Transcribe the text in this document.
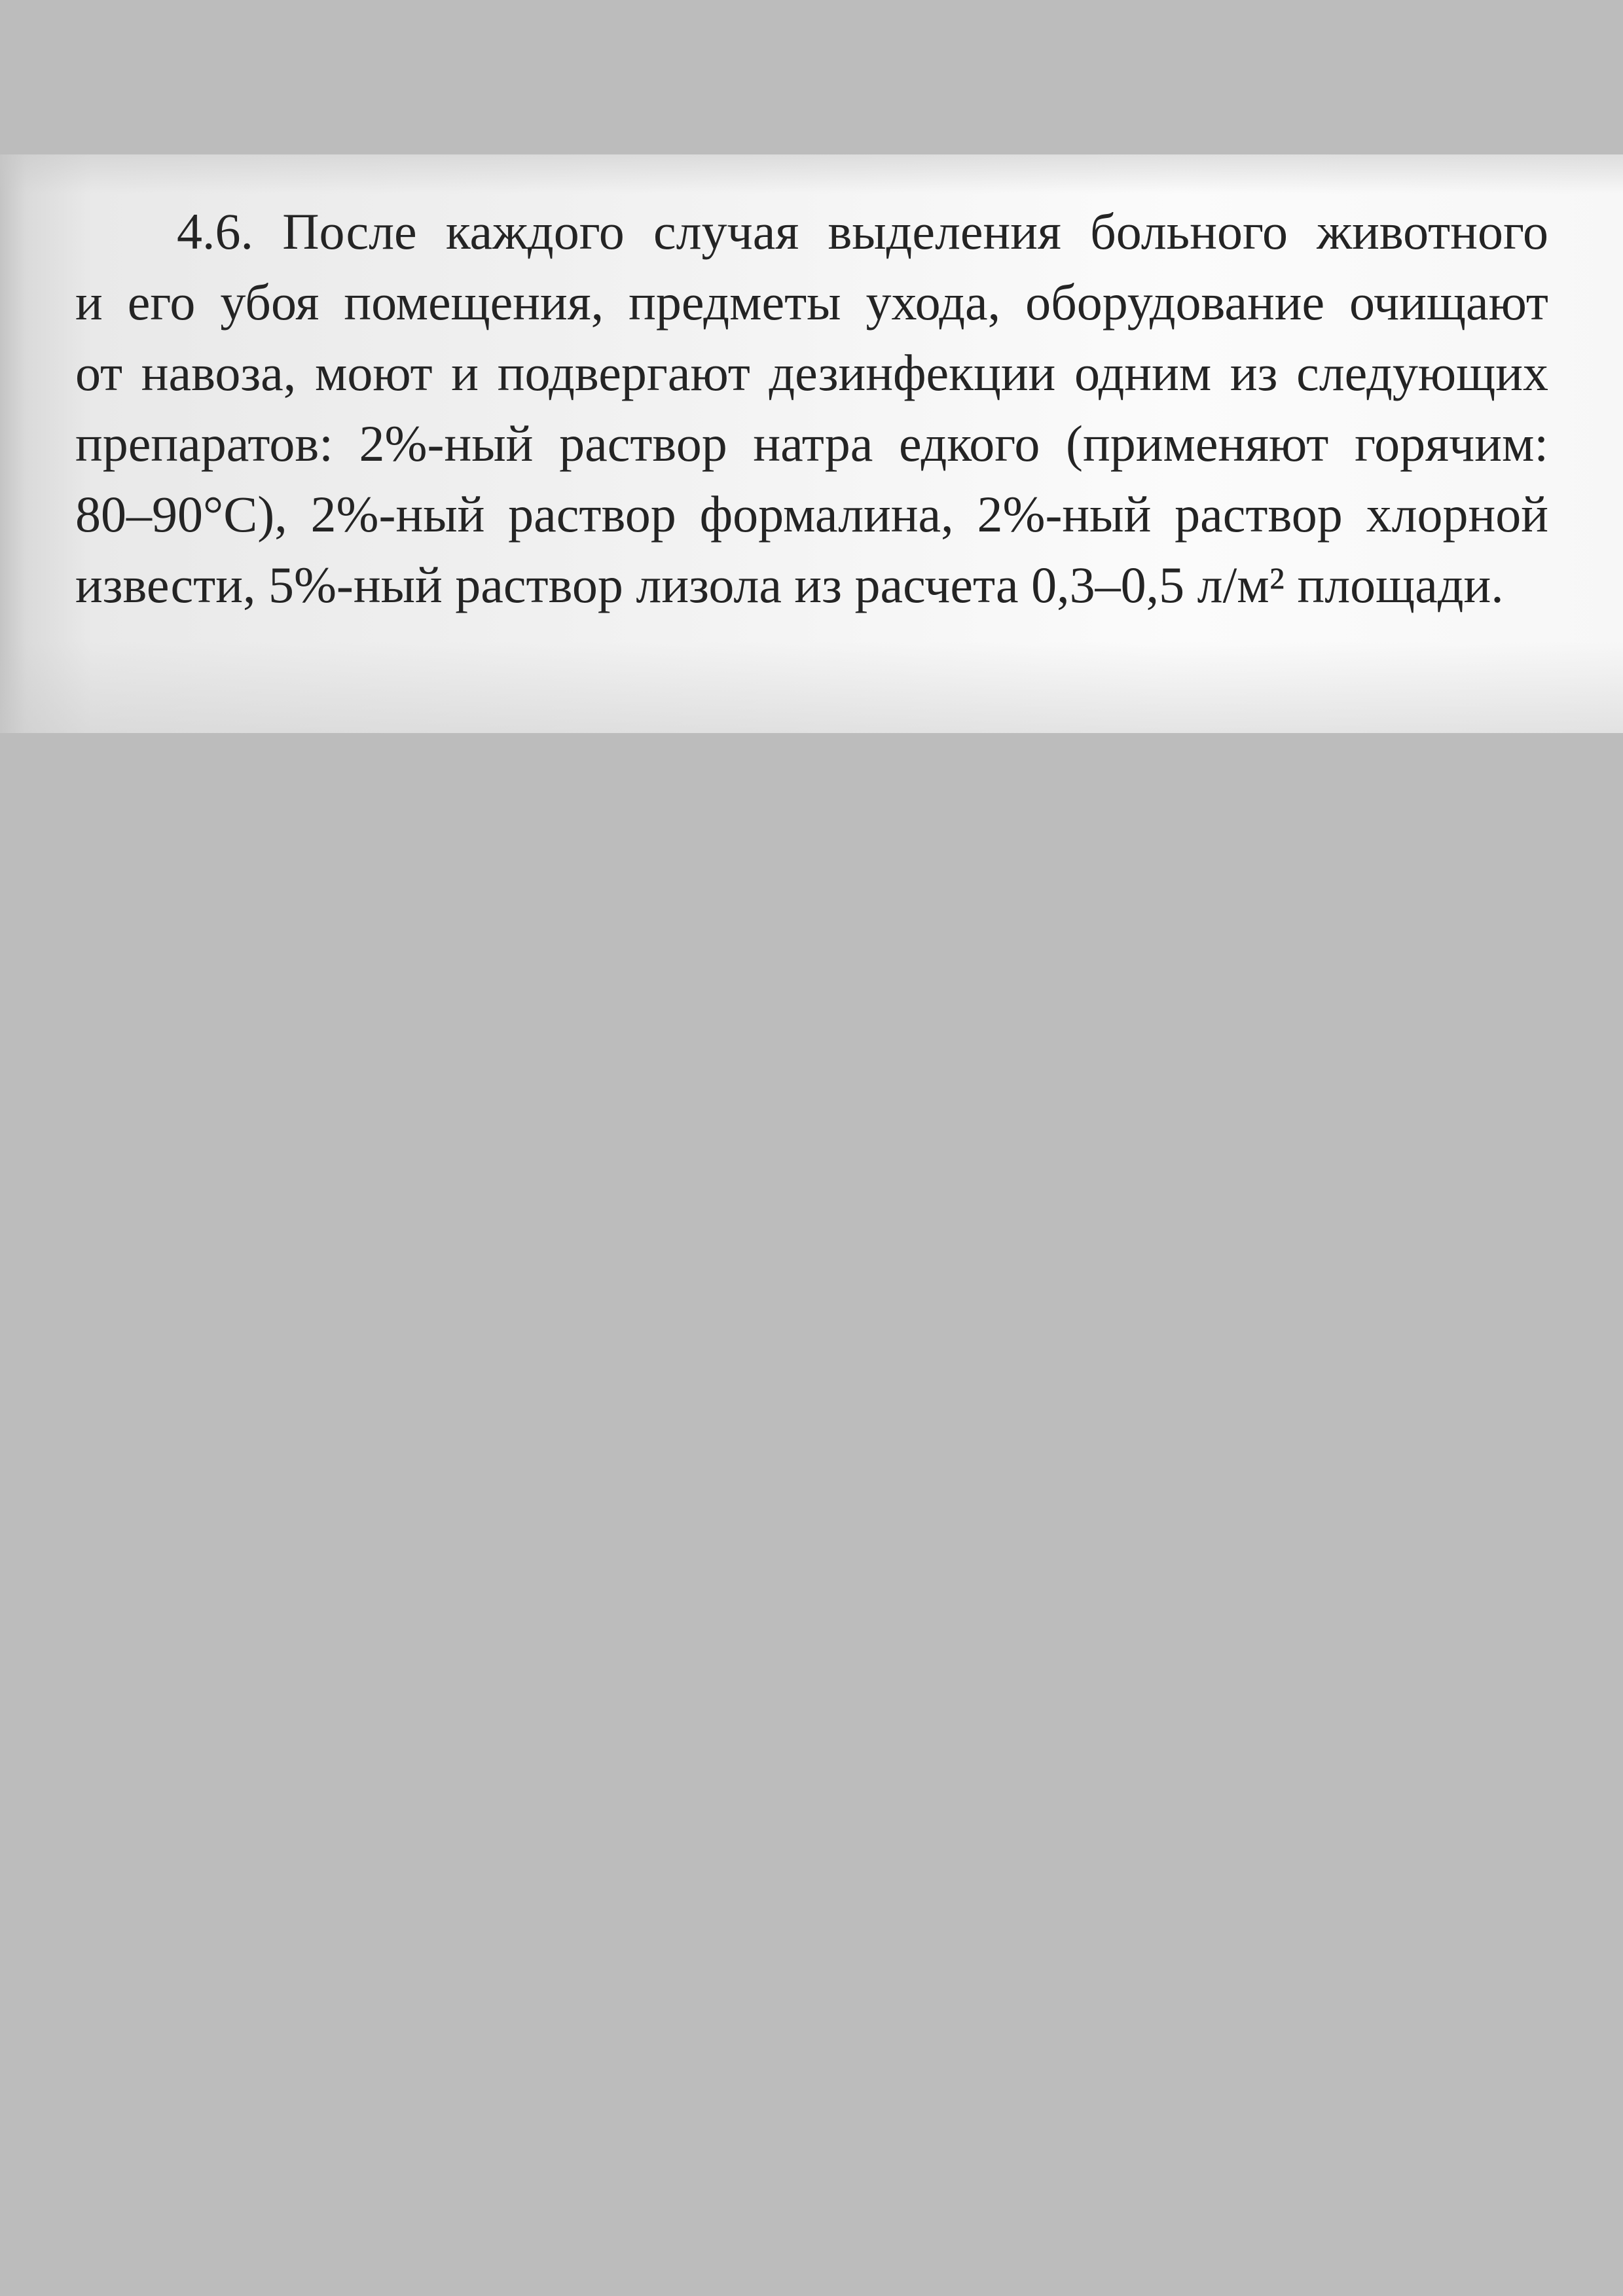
4.6. После каждого случая выделения больного животного
и его убоя помещения, предметы ухода, оборудование очищают
от навоза, моют и подвергают дезинфекции одним из следующих
препаратов: 2%-ный раствор натра едкого (применяют горячим:
80–90°С), 2%-ный раствор формалина, 2%-ный раствор хлорной
извести, 5%-ный раствор лизола из расчета 0,3–0,5 л/м² площади.
